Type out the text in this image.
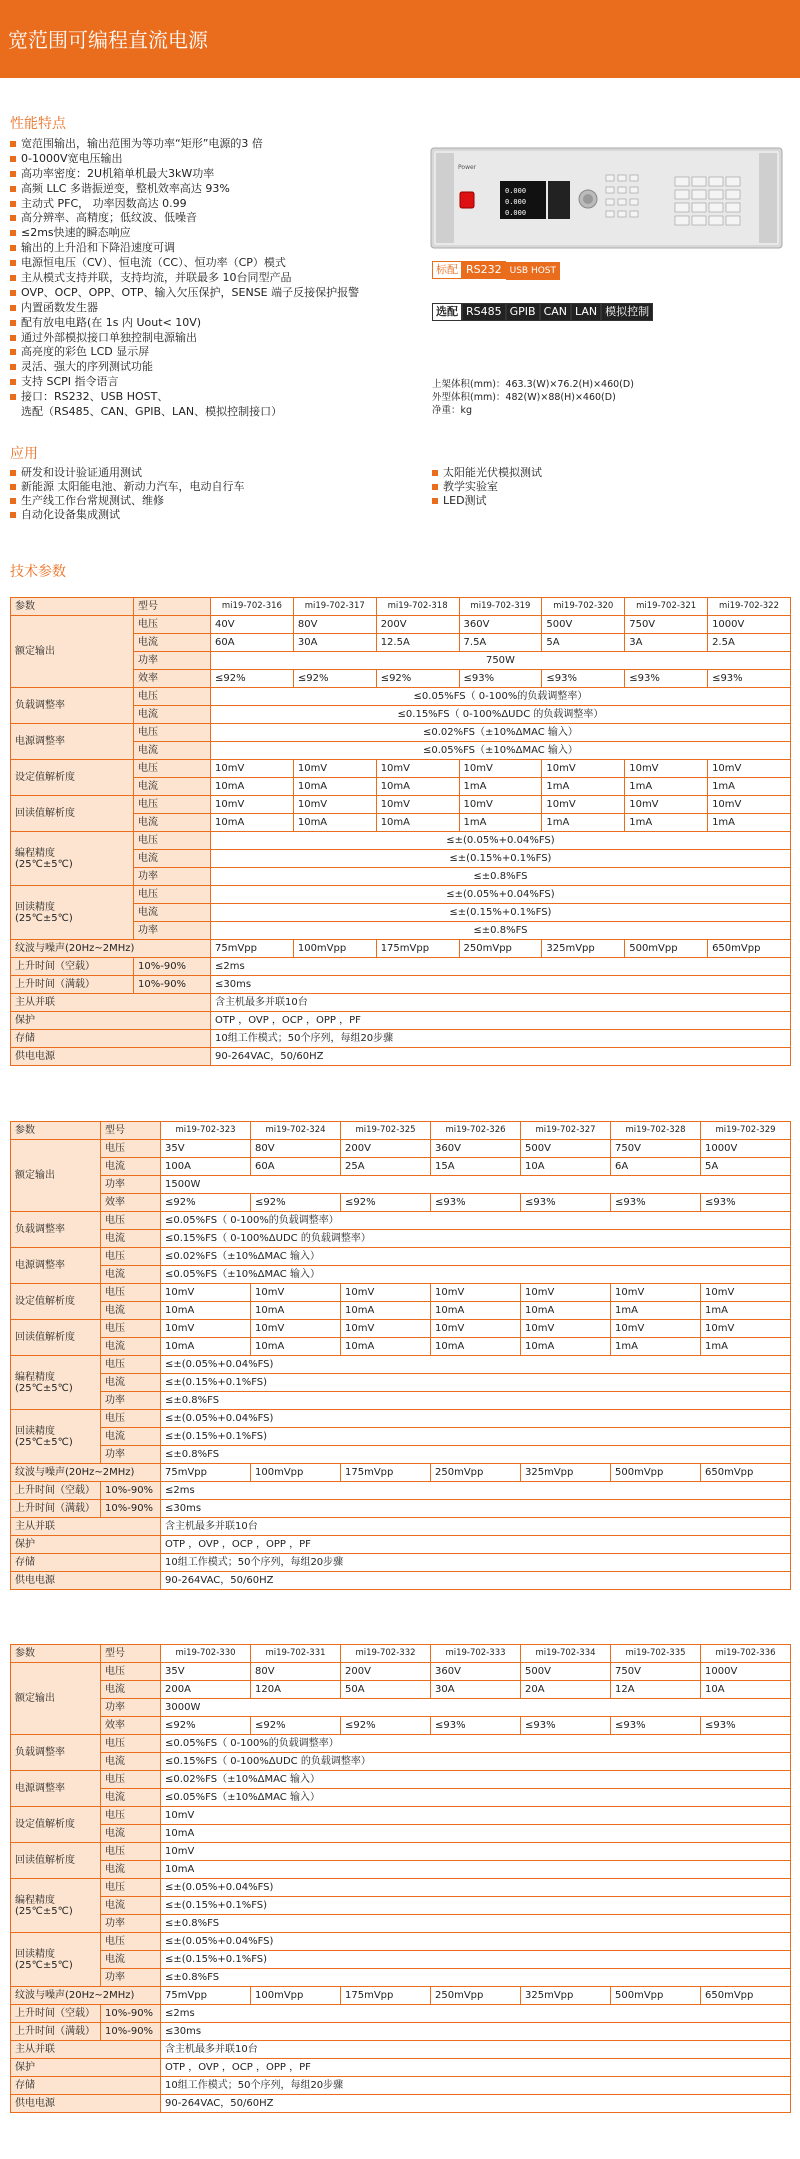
宽范围可编程直流电源
性能特点
宽范围输出，输出范围为等功率“矩形”电源的3 倍
0-1000V宽电压输出
高功率密度：2U机箱单机最大3kW功率
高频 LLC 多谐振逆变，整机效率高达 93%
主动式 PFC， 功率因数高达 0.99
高分辨率、高精度；低纹波、低噪音
≤2ms快速的瞬态响应
输出的上升沿和下降沿速度可调
电源恒电压（CV）、恒电流（CC）、恒功率（CP）模式
主从模式支持并联，支持均流，并联最多 10台同型产品
OVP、OCP、OPP、OTP、输入欠压保护，SENSE 端子反接保护报警
内置函数发生器
配有放电电路(在 1s 内 Uout< 10V)
通过外部模拟接口单独控制电源输出
高亮度的彩色 LCD 显示屏
灵活、强大的序列测试功能
支持 SCPI 指令语言
接口：RS232、USB HOST、
选配（RS485、CAN、GPIB、LAN、模拟控制接口）
Power
0.000
0.000
0.000
标配 RS232 USB HOST
选配 RS485 GPIB CAN LAN 模拟控制
上架体积(mm)：463.3(W)×76.2(H)×460(D)
外型体积(mm)：482(W)×88(H)×460(D)
净重：kg
应用
研发和设计验证通用测试
新能源 太阳能电池、新动力汽车，电动自行车
生产线工作台常规测试、维修
自动化设备集成测试
太阳能光伏模拟测试
教学实验室
LED测试
技术参数
参数	型号	mi19-702-316	mi19-702-317	mi19-702-318	mi19-702-319	mi19-702-320	mi19-702-321	mi19-702-322
额定输出	电压	40V	80V	200V	360V	500V	750V	1000V
	电流	60A	30A	12.5A	7.5A	5A	3A	2.5A
	功率	750W						
	效率	≤92%	≤92%	≤92%	≤93%	≤93%	≤93%	≤93%
负载调整率	电压	≤0.05%FS（ 0-100%的负载调整率）						
	电流	≤0.15%FS（ 0-100%ΔUDC 的负载调整率）						
电源调整率	电压	≤0.02%FS（±10%ΔMAC 输入）						
	电流	≤0.05%FS（±10%ΔMAC 输入）						
设定值解析度	电压	10mV	10mV	10mV	10mV	10mV	10mV	10mV
	电流	10mA	10mA	10mA	1mA	1mA	1mA	1mA
回读值解析度	电压	10mV	10mV	10mV	10mV	10mV	10mV	10mV
	电流	10mA	10mA	10mA	1mA	1mA	1mA	1mA

编程精度
(25℃±5℃)	电压	≤±(0.05%+0.04%FS)						
	电流	≤±(0.15%+0.1%FS)						
	功率	≤±0.8%FS						

回读精度
(25℃±5℃)	电压	≤±(0.05%+0.04%FS)						
	电流	≤±(0.15%+0.1%FS)						
	功率	≤±0.8%FS						
纹波与噪声(20Hz~2MHz)		75mVpp	100mVpp	175mVpp	250mVpp	325mVpp	500mVpp	650mVpp
上升时间（空载）	10%-90%	≤2ms						
上升时间（满载）	10%-90%	≤30ms						
主从并联		含主机最多并联10台						
保护		OTP ，OVP ，OCP ，OPP ，PF						
存储		10组工作模式；50个序列，每组20步骤						
供电电源		90-264VAC，50/60HZ						
参数	型号	mi19-702-323	mi19-702-324	mi19-702-325	mi19-702-326	mi19-702-327	mi19-702-328	mi19-702-329
额定输出	电压	35V	80V	200V	360V	500V	750V	1000V
	电流	100A	60A	25A	15A	10A	6A	5A
	功率	1500W						
	效率	≤92%	≤92%	≤92%	≤93%	≤93%	≤93%	≤93%
负载调整率	电压	≤0.05%FS（ 0-100%的负载调整率）						
	电流	≤0.15%FS（ 0-100%ΔUDC 的负载调整率）						
电源调整率	电压	≤0.02%FS（±10%ΔMAC 输入）						
	电流	≤0.05%FS（±10%ΔMAC 输入）						
设定值解析度	电压	10mV	10mV	10mV	10mV	10mV	10mV	10mV
	电流	10mA	10mA	10mA	10mA	10mA	1mA	1mA
回读值解析度	电压	10mV	10mV	10mV	10mV	10mV	10mV	10mV
	电流	10mA	10mA	10mA	10mA	10mA	1mA	1mA

编程精度
(25℃±5℃)	电压	≤±(0.05%+0.04%FS)						
	电流	≤±(0.15%+0.1%FS)						
	功率	≤±0.8%FS						

回读精度
(25℃±5℃)	电压	≤±(0.05%+0.04%FS)						
	电流	≤±(0.15%+0.1%FS)						
	功率	≤±0.8%FS						
纹波与噪声(20Hz~2MHz)		75mVpp	100mVpp	175mVpp	250mVpp	325mVpp	500mVpp	650mVpp
上升时间（空载）	10%-90%	≤2ms						
上升时间（满载）	10%-90%	≤30ms						
主从并联		含主机最多并联10台						
保护		OTP ，OVP ，OCP ，OPP ，PF						
存储		10组工作模式；50个序列，每组20步骤						
供电电源		90-264VAC，50/60HZ						
参数	型号	mi19-702-330	mi19-702-331	mi19-702-332	mi19-702-333	mi19-702-334	mi19-702-335	mi19-702-336
额定输出	电压	35V	80V	200V	360V	500V	750V	1000V
	电流	200A	120A	50A	30A	20A	12A	10A
	功率	3000W						
	效率	≤92%	≤92%	≤92%	≤93%	≤93%	≤93%	≤93%
负载调整率	电压	≤0.05%FS（ 0-100%的负载调整率）						
	电流	≤0.15%FS（ 0-100%ΔUDC 的负载调整率）						
电源调整率	电压	≤0.02%FS（±10%ΔMAC 输入）						
	电流	≤0.05%FS（±10%ΔMAC 输入）						
设定值解析度	电压	10mV						
	电流	10mA						
回读值解析度	电压	10mV						
	电流	10mA						

编程精度
(25℃±5℃)	电压	≤±(0.05%+0.04%FS)						
	电流	≤±(0.15%+0.1%FS)						
	功率	≤±0.8%FS						

回读精度
(25℃±5℃)	电压	≤±(0.05%+0.04%FS)						
	电流	≤±(0.15%+0.1%FS)						
	功率	≤±0.8%FS						
纹波与噪声(20Hz~2MHz)		75mVpp	100mVpp	175mVpp	250mVpp	325mVpp	500mVpp	650mVpp
上升时间（空载）	10%-90%	≤2ms						
上升时间（满载）	10%-90%	≤30ms						
主从并联		含主机最多并联10台						
保护		OTP ，OVP ，OCP ，OPP ，PF						
存储		10组工作模式；50个序列，每组20步骤						
供电电源		90-264VAC，50/60HZ						
